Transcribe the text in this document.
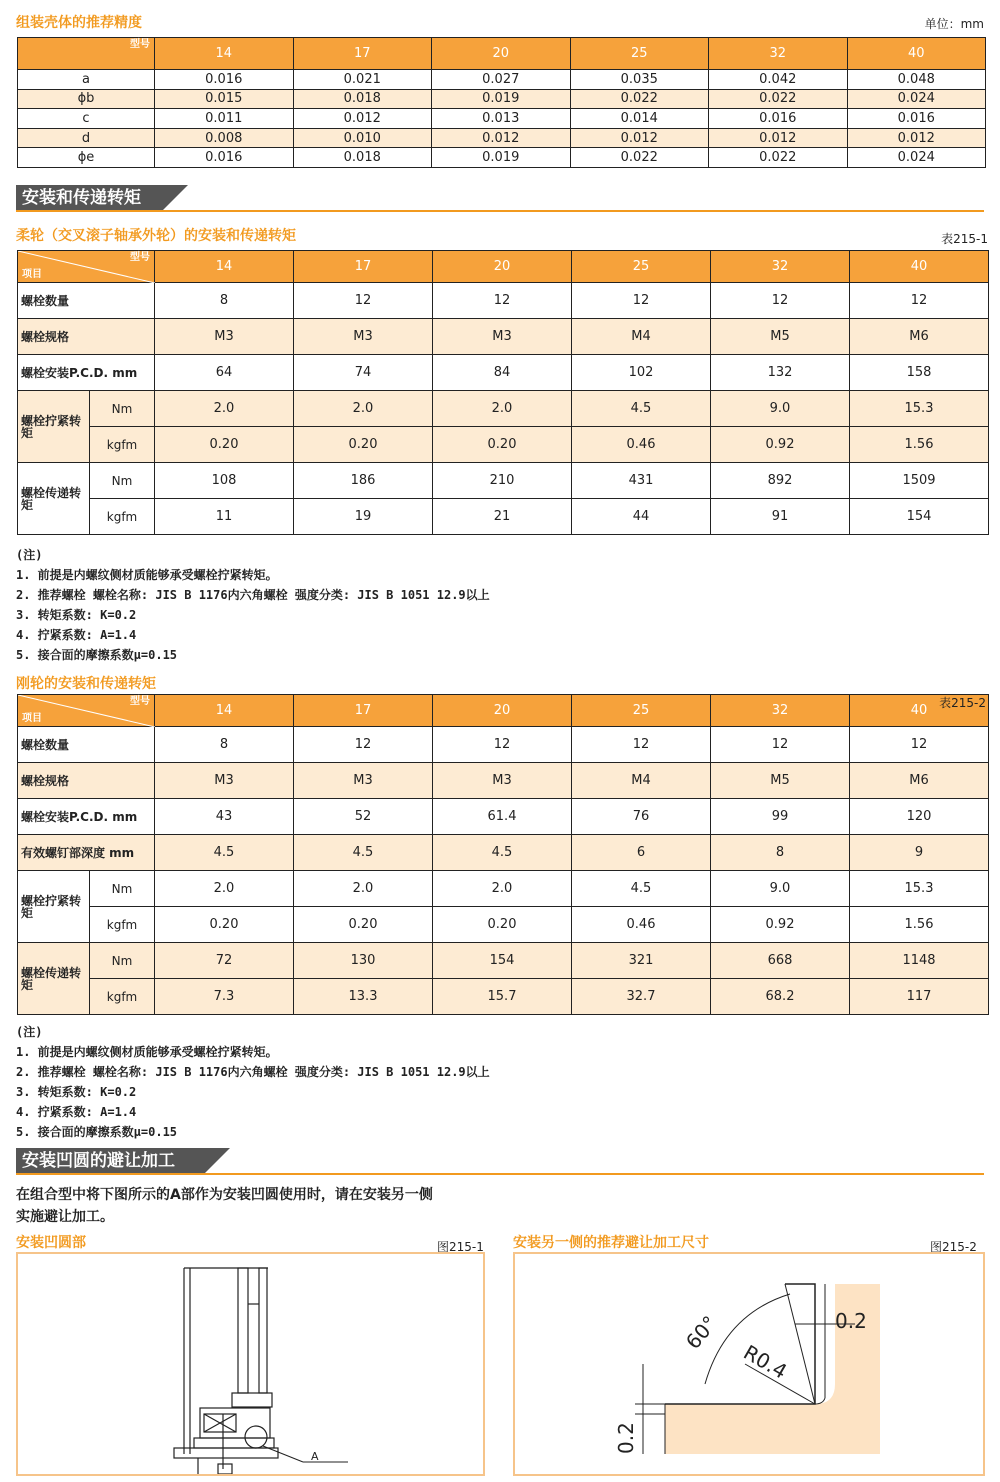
组装壳体的推荐精度	单位：mm
型号	14	17	20	25	32	40
a	0.016	0.021	0.027	0.035	0.042	0.048
ϕb	0.015	0.018	0.019	0.022	0.022	0.024
c	0.011	0.012	0.013	0.014	0.016	0.016
d	0.008	0.010	0.012	0.012	0.012	0.012
ϕe	0.016	0.018	0.019	0.022	0.022	0.024
安装和传递转矩
柔轮（交叉滚子轴承外轮）的安装和传递转矩	表215-1
型号
项目		14	17	20	25	32	40
螺栓数量		8	12	12	12	12	12
螺栓规格		M3	M3	M3	M4	M5	M6
螺栓安装P.C.D. mm		64	74	84	102	132	158
螺栓拧紧转矩	Nm	2.0	2.0	2.0	4.5	9.0	15.3
	kgfm	0.20	0.20	0.20	0.46	0.92	1.56
螺栓传递转矩	Nm	108	186	210	431	892	1509
	kgfm	11	19	21	44	91	154
(注)
1. 前提是内螺纹侧材质能够承受螺栓拧紧转矩。
2. 推荐螺栓 螺栓名称: JIS B 1176内六角螺栓 强度分类: JIS B 1051 12.9以上
3. 转矩系数: K=0.2
4. 拧紧系数: A=1.4
5. 接合面的摩擦系数μ=0.15
刚轮的安装和传递转矩
型号
项目		14	17	20	25	32	40 表215-2

螺栓数量		8	12	12	12	12	12
螺栓规格		M3	M3	M3	M4	M5	M6
螺栓安装P.C.D. mm		43	52	61.4	76	99	120
有效螺钉部深度 mm		4.5	4.5	4.5	6	8	9
螺栓拧紧转矩	Nm	2.0	2.0	2.0	4.5	9.0	15.3
	kgfm	0.20	0.20	0.20	0.46	0.92	1.56
螺栓传递转矩	Nm	72	130	154	321	668	1148
	kgfm	7.3	13.3	15.7	32.7	68.2	117
(注)
1. 前提是内螺纹侧材质能够承受螺栓拧紧转矩。
2. 推荐螺栓 螺栓名称: JIS B 1176内六角螺栓 强度分类: JIS B 1051 12.9以上
3. 转矩系数: K=0.2
4. 拧紧系数: A=1.4
5. 接合面的摩擦系数μ=0.15
安装凹圆的避让加工
在组合型中将下图所示的A部作为安装凹圆使用时，请在安装另一侧
实施避让加工。
安装凹圆部	图215-1
A
安装另一侧的推荐避让加工尺寸	图215-2
60°
R0.4
0.2
0.2
